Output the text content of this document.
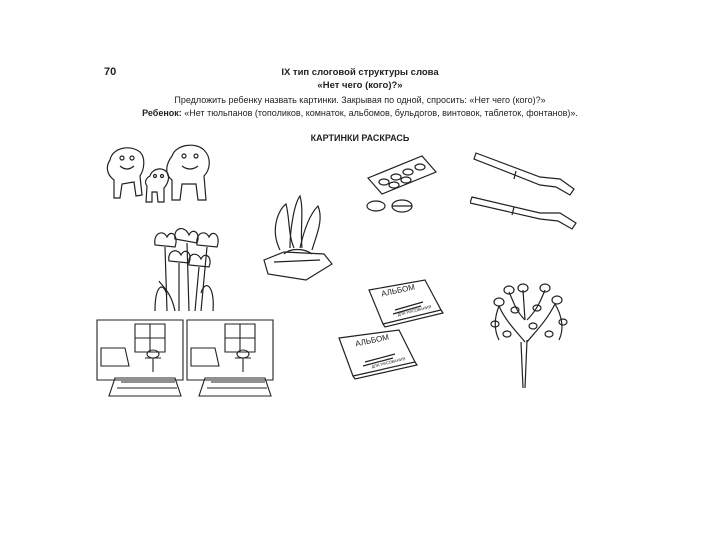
70	IX тип слоговой структуры слова
«Нет чего (кого)?»
Предложить ребенку назвать картинки. Закрывая по одной, спросить: «Нет чего (кого)?»
Ребенок: «Нет тюльпанов (тополиков, комнаток, альбомов, бульдогов, винтовок, таблеток, фонтанов)».
КАРТИНКИ РАСКРАСЬ
АЛЬБОМ
ДЛЯ РИСОВАНИЯ
АЛЬБОМ
ДЛЯ РИСОВАНИЯ
